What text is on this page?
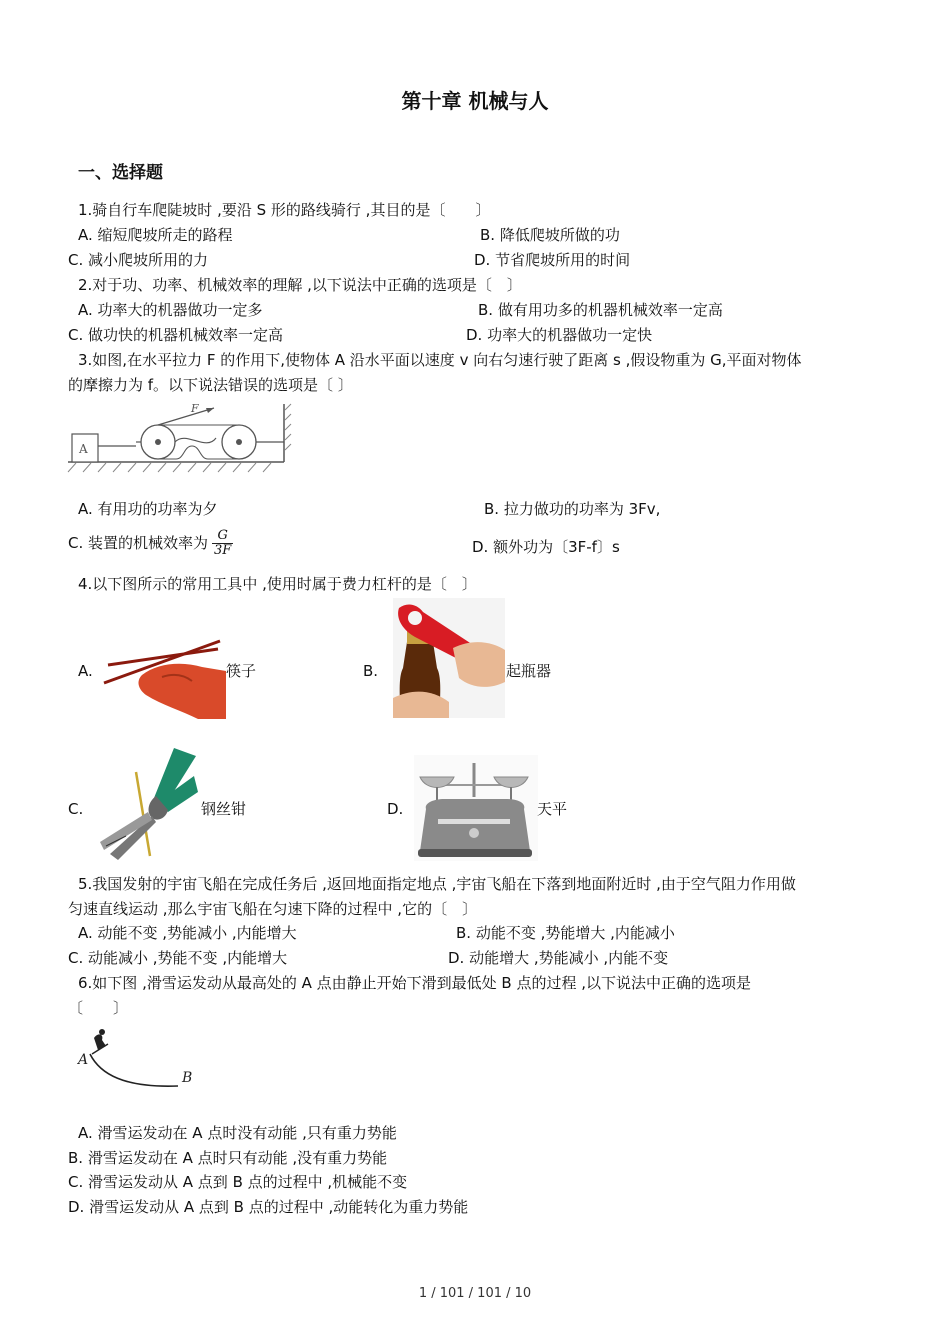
第十章 机械与人
一、选择题
1.骑自行车爬陡坡时 ,要沿 S 形的路线骑行 ,其目的是〔　　〕
A. 缩短爬坡所走的路程	B. 降低爬坡所做的功
C. 减小爬坡所用的力	D. 节省爬坡所用的时间
2.对于功、功率、机械效率的理解 ,以下说法中正确的选项是〔　〕
A. 功率大的机器做功一定多	B. 做有用功多的机器机械效率一定高
C. 做功快的机器机械效率一定高	D. 功率大的机器做功一定快
3.如图,在水平拉力 F 的作用下,使物体 A 沿水平面以速度 v 向右匀速行驶了距离 s ,假设物重为 G,平面对物体
的摩擦力为 f。以下说法错误的选项是〔 〕
A
F
A. 有用功的功率为夕	B. 拉力做功的功率为 3Fv,
C. 装置的机械效率为 $\frac{G}{3F}$	D. 额外功为〔3F-f〕s
4.以下图所示的常用工具中 ,使用时属于费力杠杆的是〔　〕
A.	筷子	B.	起瓶器
C.	钢丝钳	D.	天平
5.我国发射的宇宙飞船在完成任务后 ,返回地面指定地点 ,宇宙飞船在下落到地面附近时 ,由于空气阻力作用做
匀速直线运动 ,那么宇宙飞船在匀速下降的过程中 ,它的〔　〕
A. 动能不变 ,势能减小 ,内能增大	B. 动能不变 ,势能增大 ,内能减小
C. 动能减小 ,势能不变 ,内能增大	D. 动能增大 ,势能减小 ,内能不变
6.如下图 ,滑雪运发动从最高处的 A 点由静止开始下滑到最低处 B 点的过程 ,以下说法中正确的选项是
〔　　〕
A
B
A. 滑雪运发动在 A 点时没有动能 ,只有重力势能
B. 滑雪运发动在 A 点时只有动能 ,没有重力势能
C. 滑雪运发动从 A 点到 B 点的过程中 ,机械能不变
D. 滑雪运发动从 A 点到 B 点的过程中 ,动能转化为重力势能
1 / 101 / 101 / 10
